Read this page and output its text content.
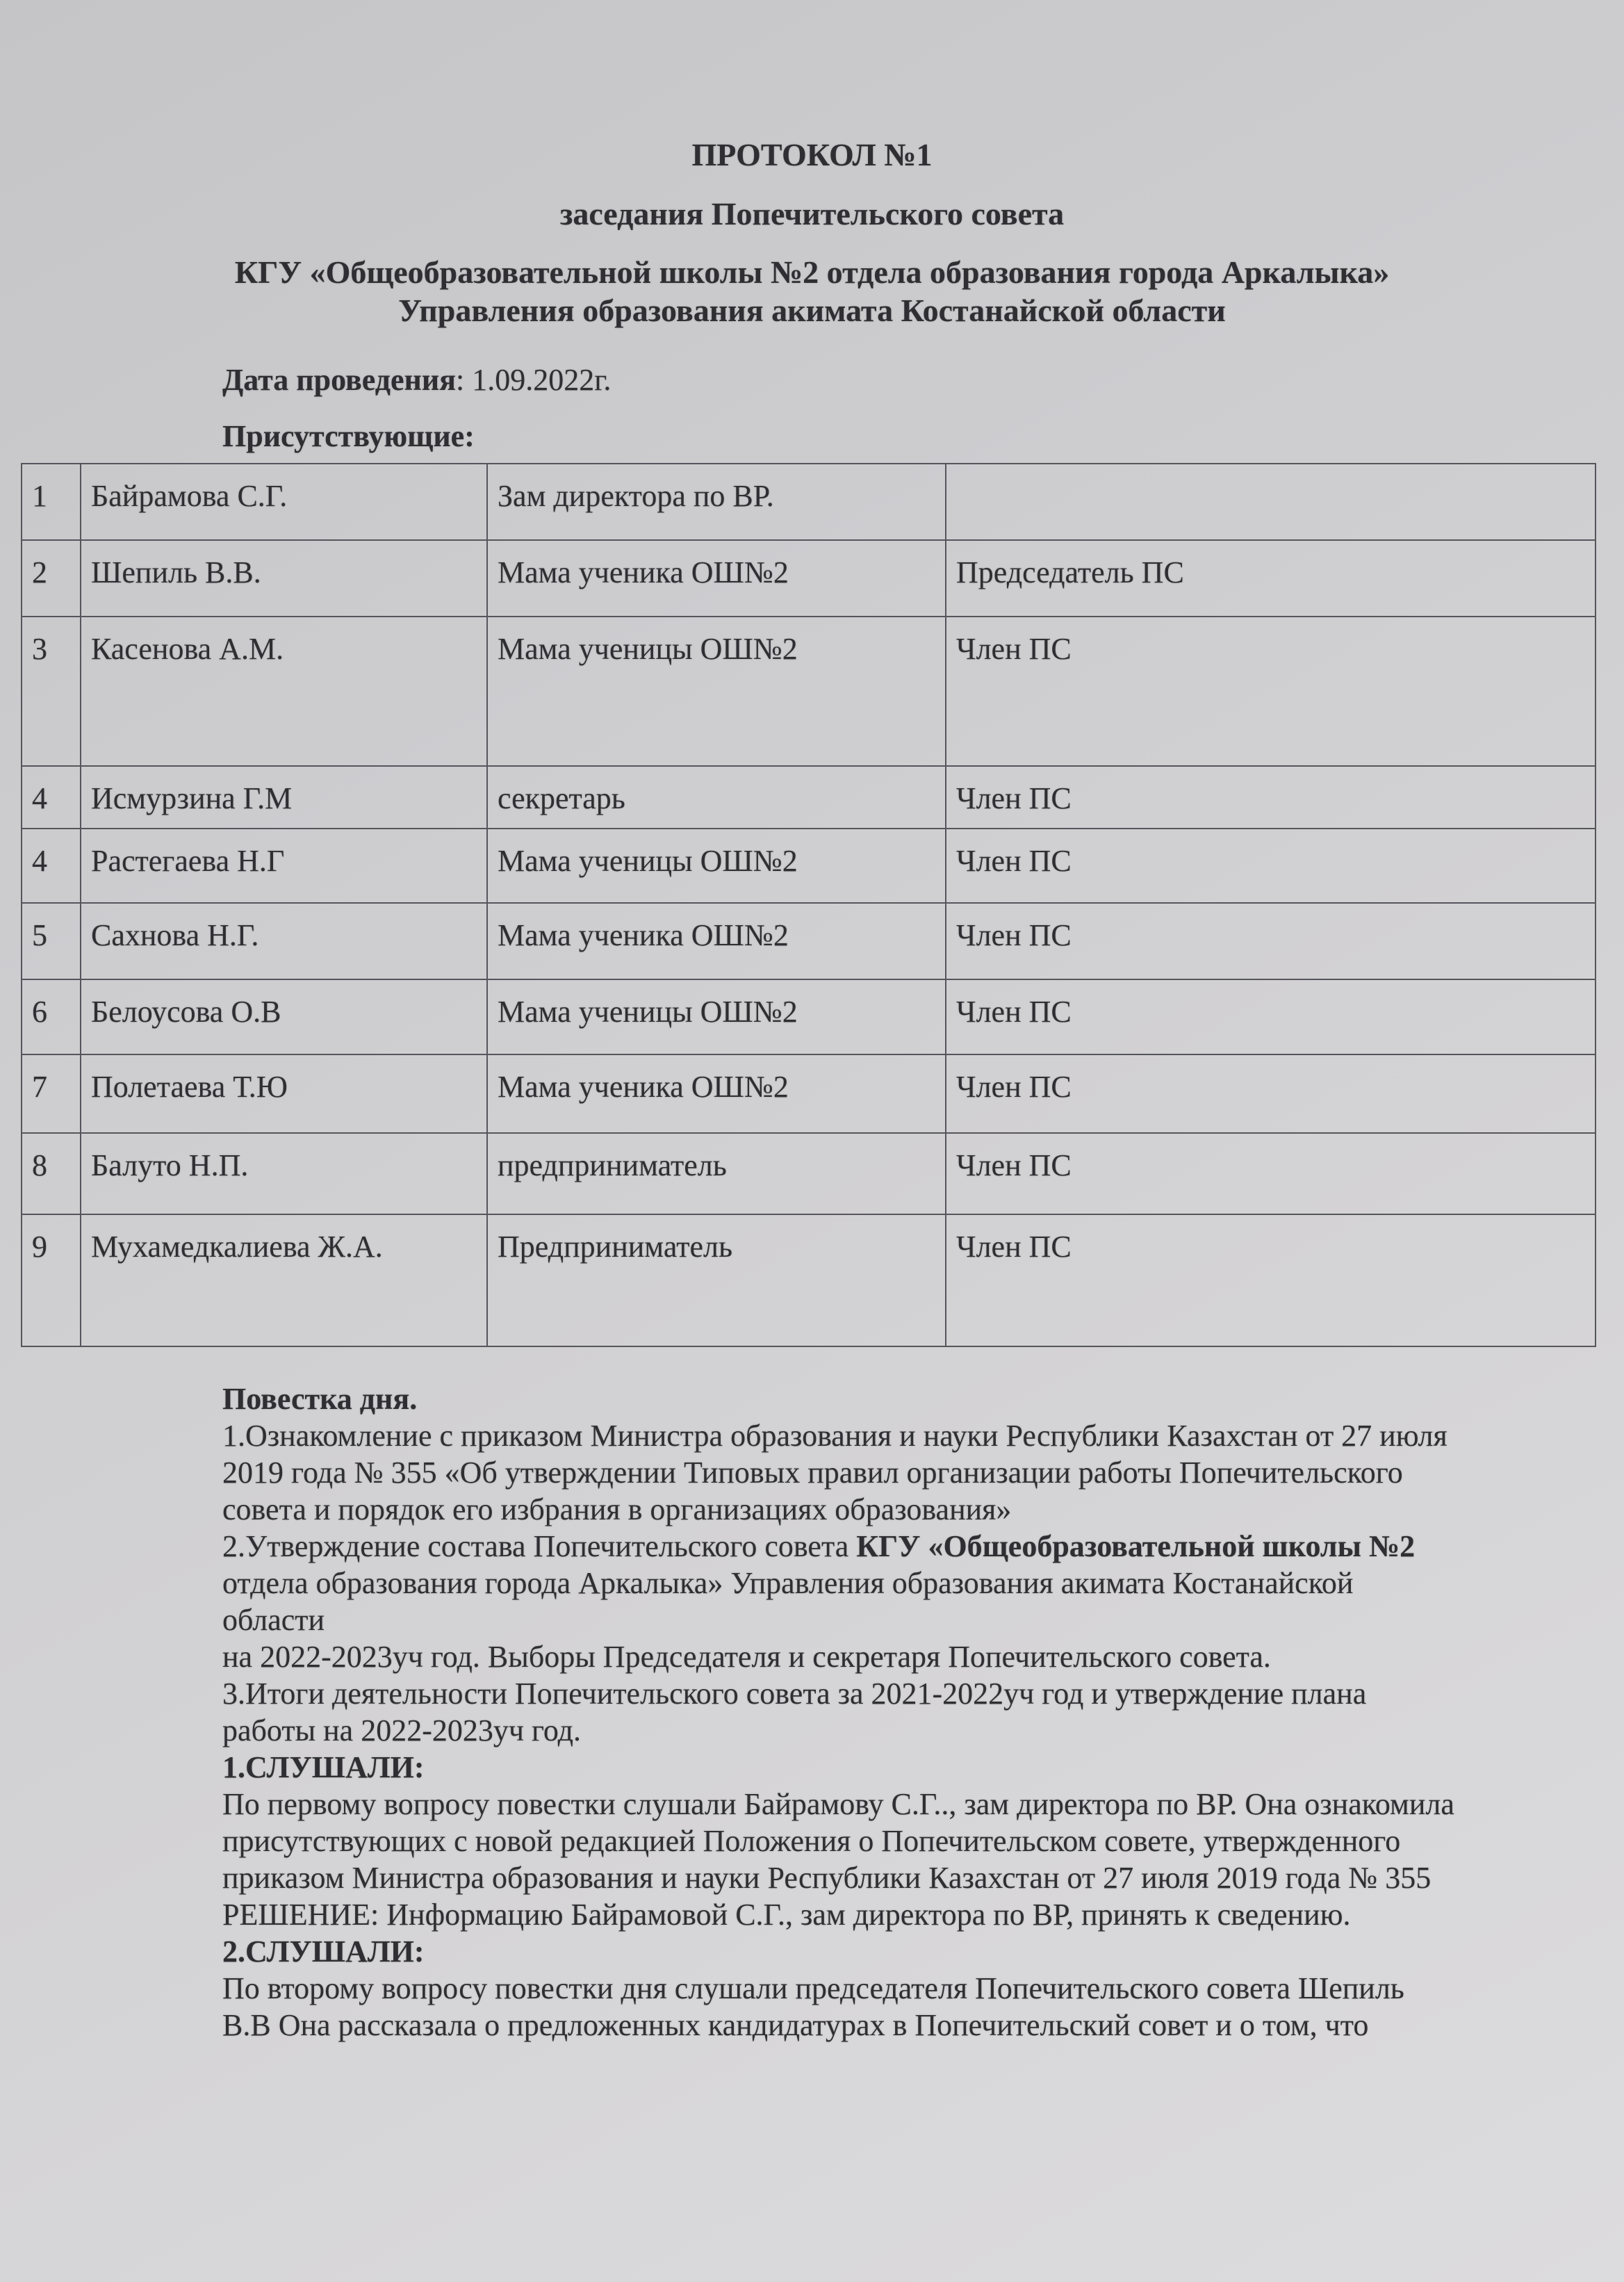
ПРОТОКОЛ №1

заседания Попечительского совета

КГУ «Общеобразовательной школы №2 отдела образования города Аркалыка» Управления образования акимата Костанайской области

Дата проведения: 1.09.2022г.

Присутствующие:

1	Байрамова С.Г.	Зам директора по ВР.	
2	Шепиль В.В.	Мама ученика ОШ№2	Председатель ПС
3	Касенова А.М.	Мама ученицы ОШ№2	Член ПС
4	Исмурзина Г.М	секретарь	Член ПС
4	Растегаева Н.Г	Мама ученицы ОШ№2	Член ПС
5	Сахнова Н.Г.	Мама ученика ОШ№2	Член ПС
6	Белоусова О.В	Мама ученицы ОШ№2	Член ПС
7	Полетаева Т.Ю	Мама ученика ОШ№2	Член ПС
8	Балуто Н.П.	предприниматель	Член ПС
9	Мухамедкалиева Ж.А.	Предприниматель	Член ПС

Повестка дня.

1.Ознакомление с приказом Министра образования и науки Республики Казахстан от 27 июля 2019 года № 355 «Об утверждении Типовых правил организации работы Попечительского совета и порядок его избрания в организациях образования»

2.Утверждение состава Попечительского совета КГУ «Общеобразовательной школы №2 отдела образования города Аркалыка» Управления образования акимата Костанайской области

на 2022-2023уч год. Выборы Председателя и секретаря Попечительского совета.

3.Итоги деятельности Попечительского совета за 2021-2022уч год и утверждение плана работы на 2022-2023уч год.

1.СЛУШАЛИ:

По первому вопросу повестки слушали Байрамову С.Г.., зам директора по ВР. Она ознакомила присутствующих с новой редакцией Положения о Попечительском совете, утвержденного приказом Министра образования и науки Республики Казахстан от 27 июля 2019 года № 355

РЕШЕНИЕ: Информацию Байрамовой С.Г., зам директора по ВР, принять к сведению.

2.СЛУШАЛИ:

По второму вопросу повестки дня слушали председателя Попечительского совета Шепиль В.В Она рассказала о предложенных кандидатурах в Попечительский совет и о том, что
